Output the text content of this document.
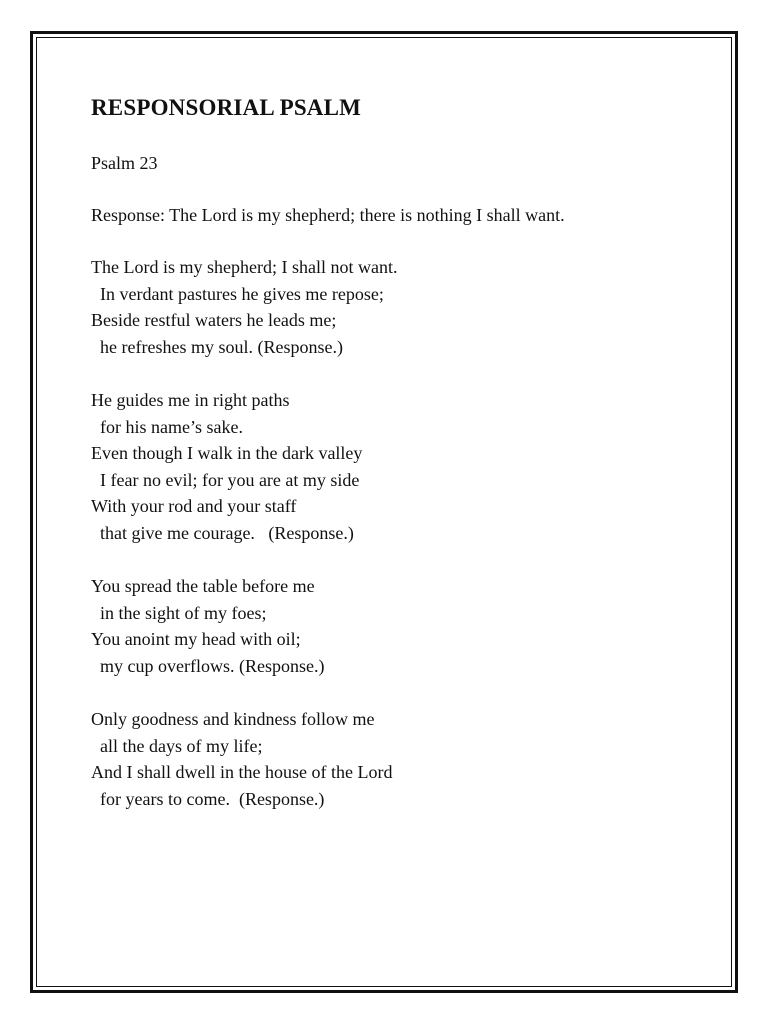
RESPONSORIAL PSALM
Psalm 23
Response: The Lord is my shepherd; there is nothing I shall want.
The Lord is my shepherd; I shall not want.
In verdant pastures he gives me repose;
Beside restful waters he leads me;
he refreshes my soul. (Response.)
He guides me in right paths
for his name’s sake.
Even though I walk in the dark valley
I fear no evil; for you are at my side
With your rod and your staff
that give me courage.   (Response.)
You spread the table before me
in the sight of my foes;
You anoint my head with oil;
my cup overflows. (Response.)
Only goodness and kindness follow me
all the days of my life;
And I shall dwell in the house of the Lord
for years to come.  (Response.)
